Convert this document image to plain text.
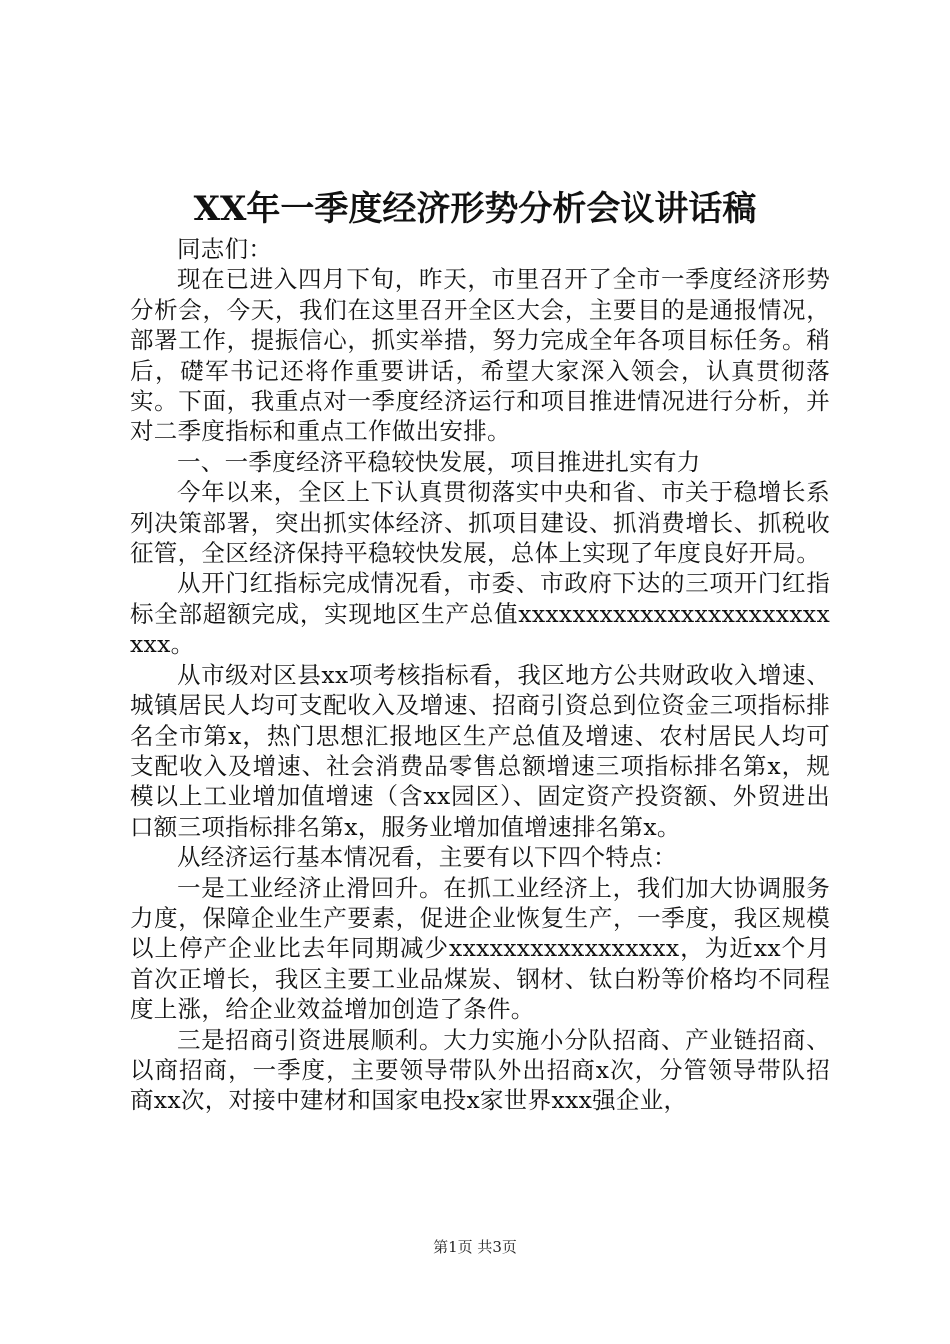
XX年一季度经济形势分析会议讲话稿

同志们：

现在已进入四月下旬，昨天，市里召开了全市一季度经济形势分析会，今天，我们在这里召开全区大会，主要目的是通报情况，部署工作，提振信心，抓实举措，努力完成全年各项目标任务。稍后，礎军书记还将作重要讲话，希望大家深入领会，认真贯彻落实。下面，我重点对一季度经济运行和项目推进情况进行分析，并对二季度指标和重点工作做出安排。

一、一季度经济平稳较快发展，项目推进扎实有力

今年以来，全区上下认真贯彻落实中央和省、市关于稳增长系列决策部署，突出抓实体经济、抓项目建设、抓消费增长、抓税收征管，全区经济保持平稳较快发展，总体上实现了年度良好开局。

从开门红指标完成情况看，市委、市政府下达的三项开门红指标全部超额完成，实现地区生产总值xxxxxxxxxxxxxxxxxxxxxxxxxx。

从市级对区县xx项考核指标看，我区地方公共财政收入增速、城镇居民人均可支配收入及增速、招商引资总到位资金三项指标排名全市第x，热门思想汇报地区生产总值及增速、农村居民人均可支配收入及增速、社会消费品零售总额增速三项指标排名第x，规模以上工业增加值增速（含xx园区）、固定资产投资额、外贸进出口额三项指标排名第x，服务业增加值增速排名第x。

从经济运行基本情况看，主要有以下四个特点：

一是工业经济止滑回升。在抓工业经济上，我们加大协调服务力度，保障企业生产要素，促进企业恢复生产，一季度，我区规模以上停产企业比去年同期减少xxxxxxxxxxxxxxxxx，为近xx个月首次正增长，我区主要工业品煤炭、钢材、钛白粉等价格均不同程度上涨，给企业效益增加创造了条件。

三是招商引资进展顺利。大力实施小分队招商、产业链招商、以商招商，一季度，主要领导带队外出招商x次，分管领导带队招商xx次，对接中建材和国家电投x家世界xxx强企业，

第1页 共3页
